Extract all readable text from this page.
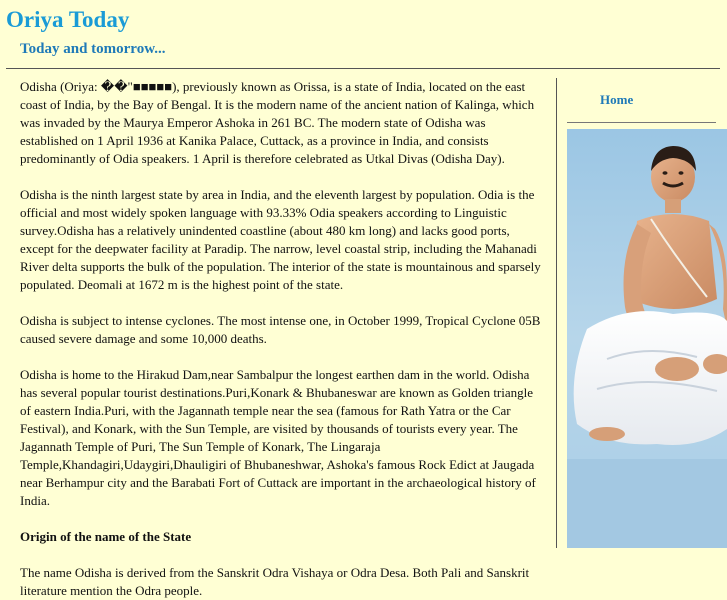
Oriya Today
Today and tomorrow...

Odisha (Oriya: ��"■■■■■), previously known as Orissa, is a state of India, located on the east coast of India, by the Bay of Bengal. It is the modern name of the ancient nation of Kalinga, which was invaded by the Maurya Emperor Ashoka in 261 BC. The modern state of Odisha was established on 1 April 1936 at Kanika Palace, Cuttack, as a province in India, and consists predominantly of Odia speakers. 1 April is therefore celebrated as Utkal Divas (Odisha Day).

Odisha is the ninth largest state by area in India, and the eleventh largest by population. Odia is the official and most widely spoken language with 93.33% Odia speakers according to Linguistic survey.Odisha has a relatively unindented coastline (about 480 km long) and lacks good ports, except for the deepwater facility at Paradip. The narrow, level coastal strip, including the Mahanadi River delta supports the bulk of the population. The interior of the state is mountainous and sparsely populated. Deomali at 1672 m is the highest point of the state.

Odisha is subject to intense cyclones. The most intense one, in October 1999, Tropical Cyclone 05B caused severe damage and some 10,000 deaths.

Odisha is home to the Hirakud Dam,near Sambalpur the longest earthen dam in the world. Odisha has several popular tourist destinations.Puri,Konark & Bhubaneswar are known as Golden triangle of eastern India.Puri, with the Jagannath temple near the sea (famous for Rath Yatra or the Car Festival), and Konark, with the Sun Temple, are visited by thousands of tourists every year. The Jagannath Temple of Puri, The Sun Temple of Konark, The Lingaraja Temple,Khandagiri,Udaygiri,Dhauligiri of Bhubaneshwar, Ashoka's famous Rock Edict at Jaugada near Berhampur city and the Barabati Fort of Cuttack are important in the archaeological history of India.

Origin of the name of the State

The name Odisha is derived from the Sanskrit Odra Vishaya or Odra Desa. Both Pali and Sanskrit literature mention the Odra people.

Home
